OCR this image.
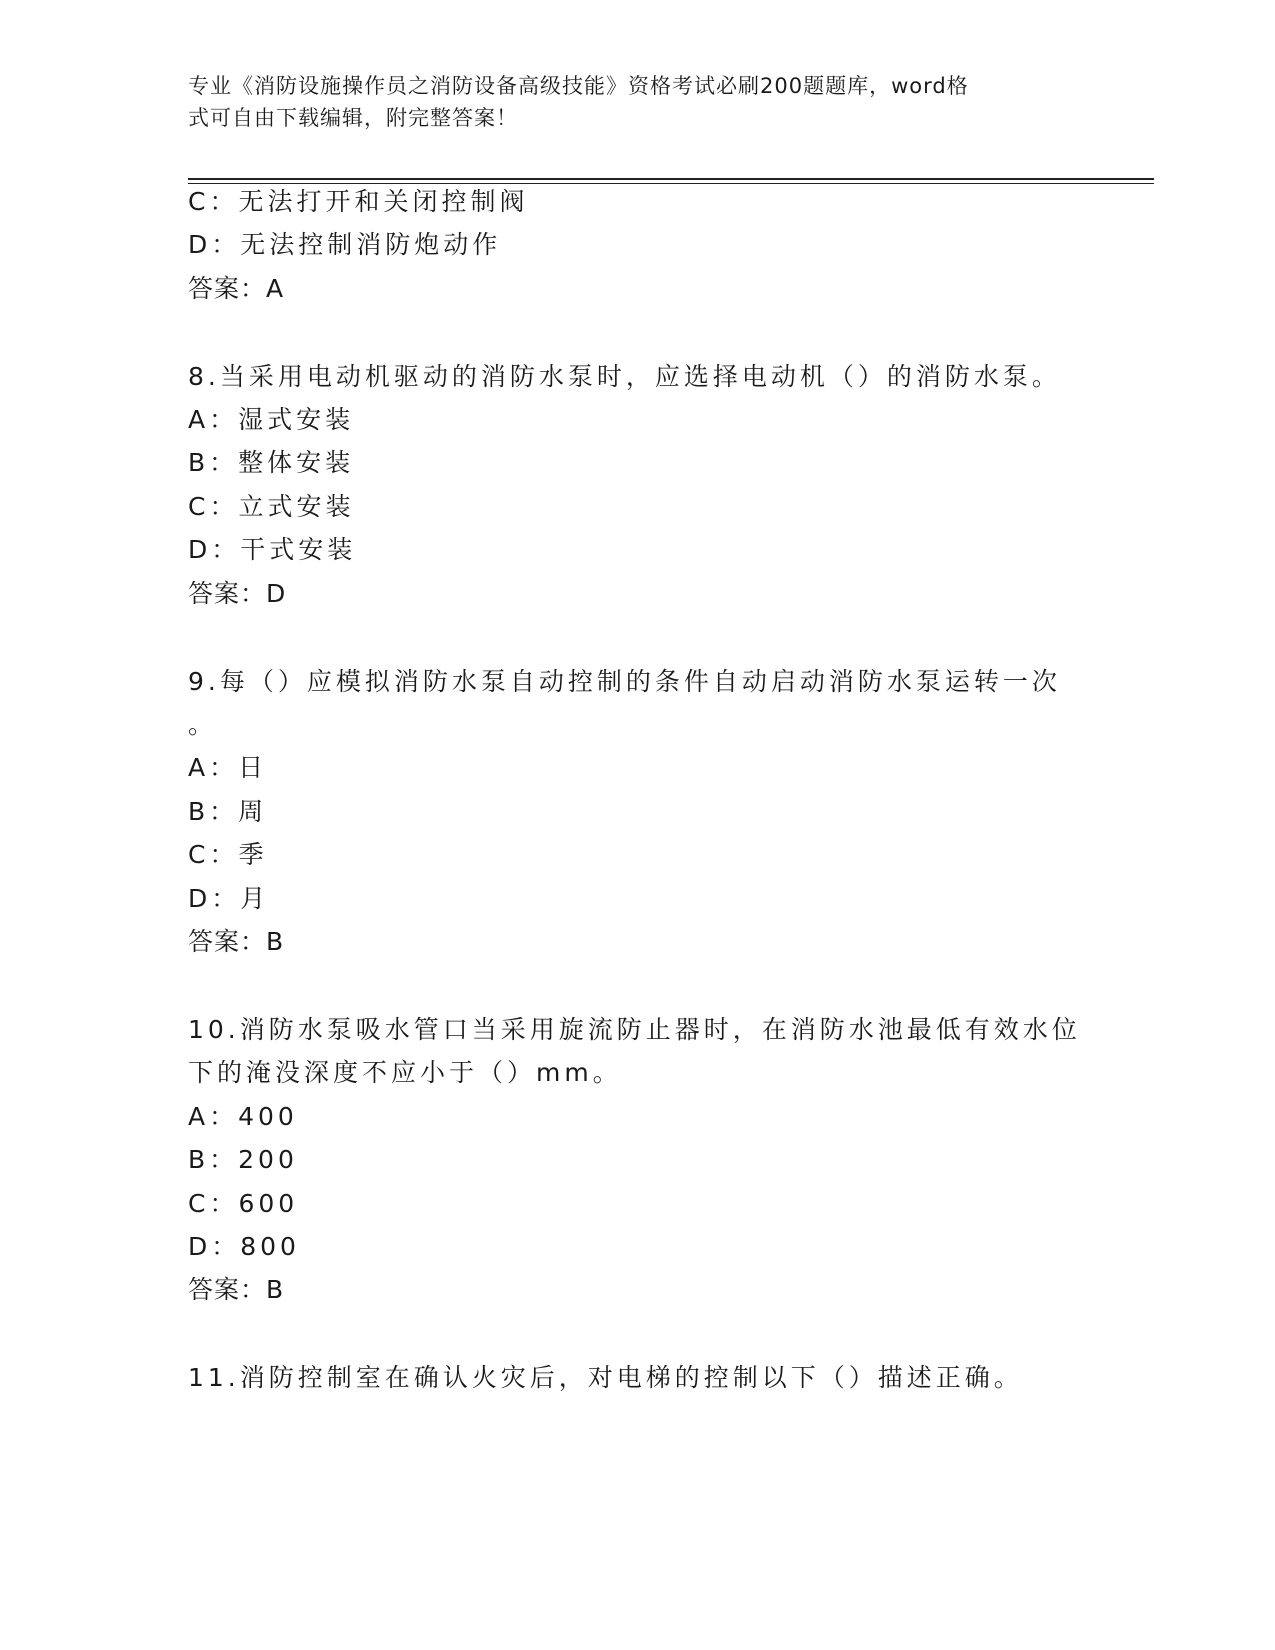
专业《消防设施操作员之消防设备高级技能》资格考试必刷200题题库，word格
式可自由下载编辑，附完整答案！
C：无法打开和关闭控制阀
D：无法控制消防炮动作
答案：A
8.当采用电动机驱动的消防水泵时，应选择电动机（）的消防水泵。
A：湿式安装
B：整体安装
C：立式安装
D：干式安装
答案：D
9.每（）应模拟消防水泵自动控制的条件自动启动消防水泵运转一次
。
A：日
B：周
C：季
D：月
答案：B
10.消防水泵吸水管口当采用旋流防止器时，在消防水池最低有效水位
下的淹没深度不应小于（）mm。
A：400
B：200
C：600
D：800
答案：B
11.消防控制室在确认火灾后，对电梯的控制以下（）描述正确。
